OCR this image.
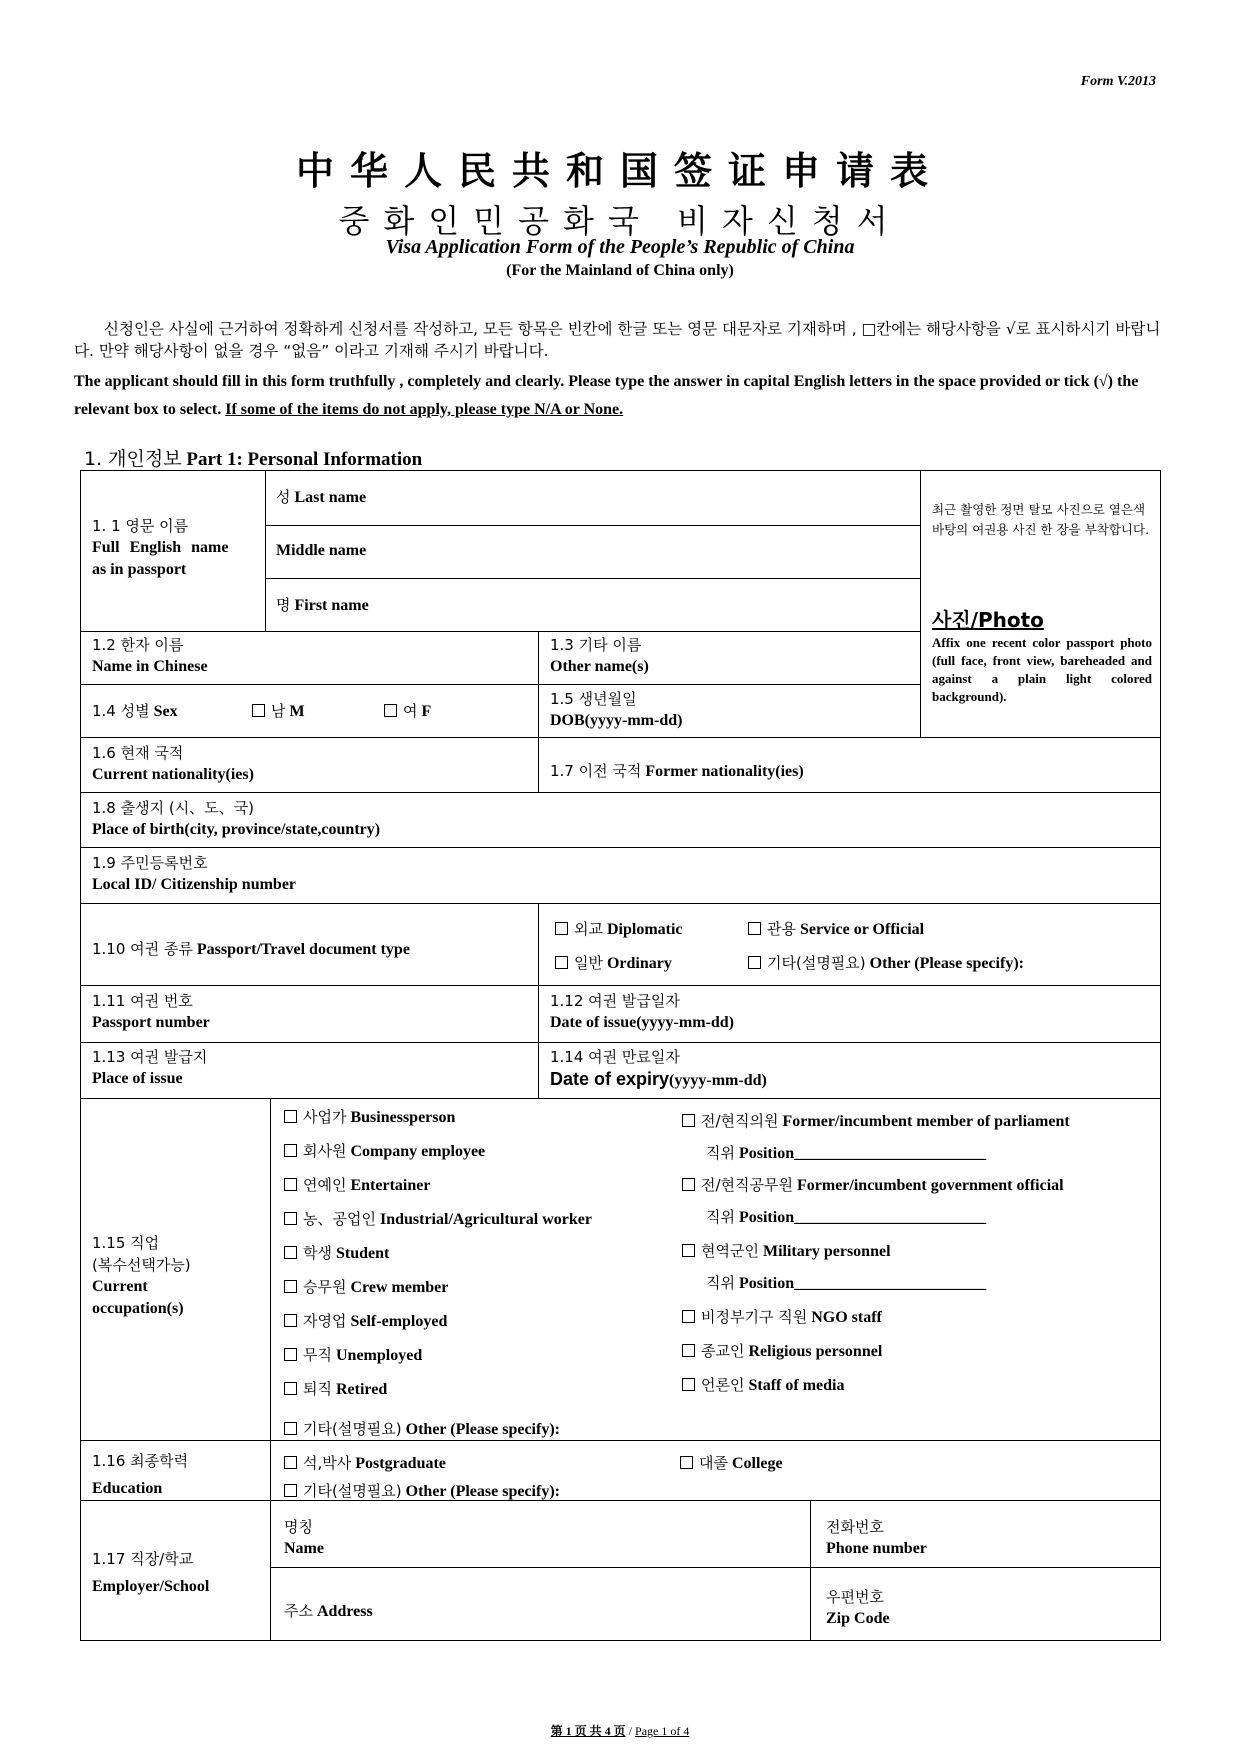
Form V.2013
中华人民共和国签证申请表
중화인민공화국 비자신청서
Visa Application Form of the People’s Republic of China
(For the Mainland of China only)
신청인은 사실에 근거하여 정확하게 신청서를 작성하고, 모든 항목은 빈칸에 한글 또는 영문 대문자로 기재하며 , □칸에는 해당사항을 √로 표시하시기 바랍니다. 만약 해당사항이 없을 경우 “없음” 이라고 기재해 주시기 바랍니다.
The applicant should fill in this form truthfully , completely and clearly. Please type the answer in capital English letters in the space provided or tick (√) the relevant box to select. If some of the items do not apply, please type N/A or None.
1. 개인정보 Part 1: Personal Information
1. 1 영문 이름
Full English name
as in passport
성 Last name
Middle name
명 First name
최근 촬영한 정면 탈모 사진으로 옅은색 바탕의 여권용 사진 한 장을 부착합니다.
사진/Photo
Affix one recent color passport photo (full face, front view, bareheaded and against a plain light colored background).
1.2 한자 이름
Name in Chinese
1.3 기타 이름
Other name(s)
1.4 성별 Sex	남 M	여 F
1.5 생년월일
DOB(yyyy-mm-dd)
1.6 현재 국적
Current nationality(ies)	1.7 이전 국적 Former nationality(ies)
1.8 출생지 (시、도、국)
Place of birth(city, province/state,country)
1.9 주민등록번호
Local ID/ Citizenship number
1.10 여권 종류 Passport/Travel document type
외교 Diplomatic	관용 Service or Official
일반 Ordinary	기타(설명필요) Other (Please specify):
1.11 여권 번호
Passport number
1.12 여권 발급일자
Date of issue(yyyy-mm-dd)
1.13 여권 발급지
Place of issue
1.14 여권 만료일자
Date of expiry(yyyy-mm-dd)
1.15 직업
(복수선택가능)
Current
occupation(s)
사업가 Businessperson
회사원 Company employee
연예인 Entertainer
농、공업인 Industrial/Agricultural worker
학생 Student
승무원 Crew member
자영업 Self-employed
무직 Unemployed
퇴직 Retired
기타(설명필요) Other (Please specify):
전/현직의원 Former/incumbent member of parliament
직위 Position________________________
전/현직공무원 Former/incumbent government official
직위 Position________________________
현역군인 Military personnel
직위 Position________________________
비정부기구 직원 NGO staff
종교인 Religious personnel
언론인 Staff of media
1.16 최종학력
Education
석,박사 Postgraduate	대졸 College
기타(설명필요) Other (Please specify):
1.17 직장/학교
Employer/School
명칭
Name
전화번호
Phone number
주소 Address
우편번호
Zip Code
第 1 页 共 4 页 / Page 1 of 4
